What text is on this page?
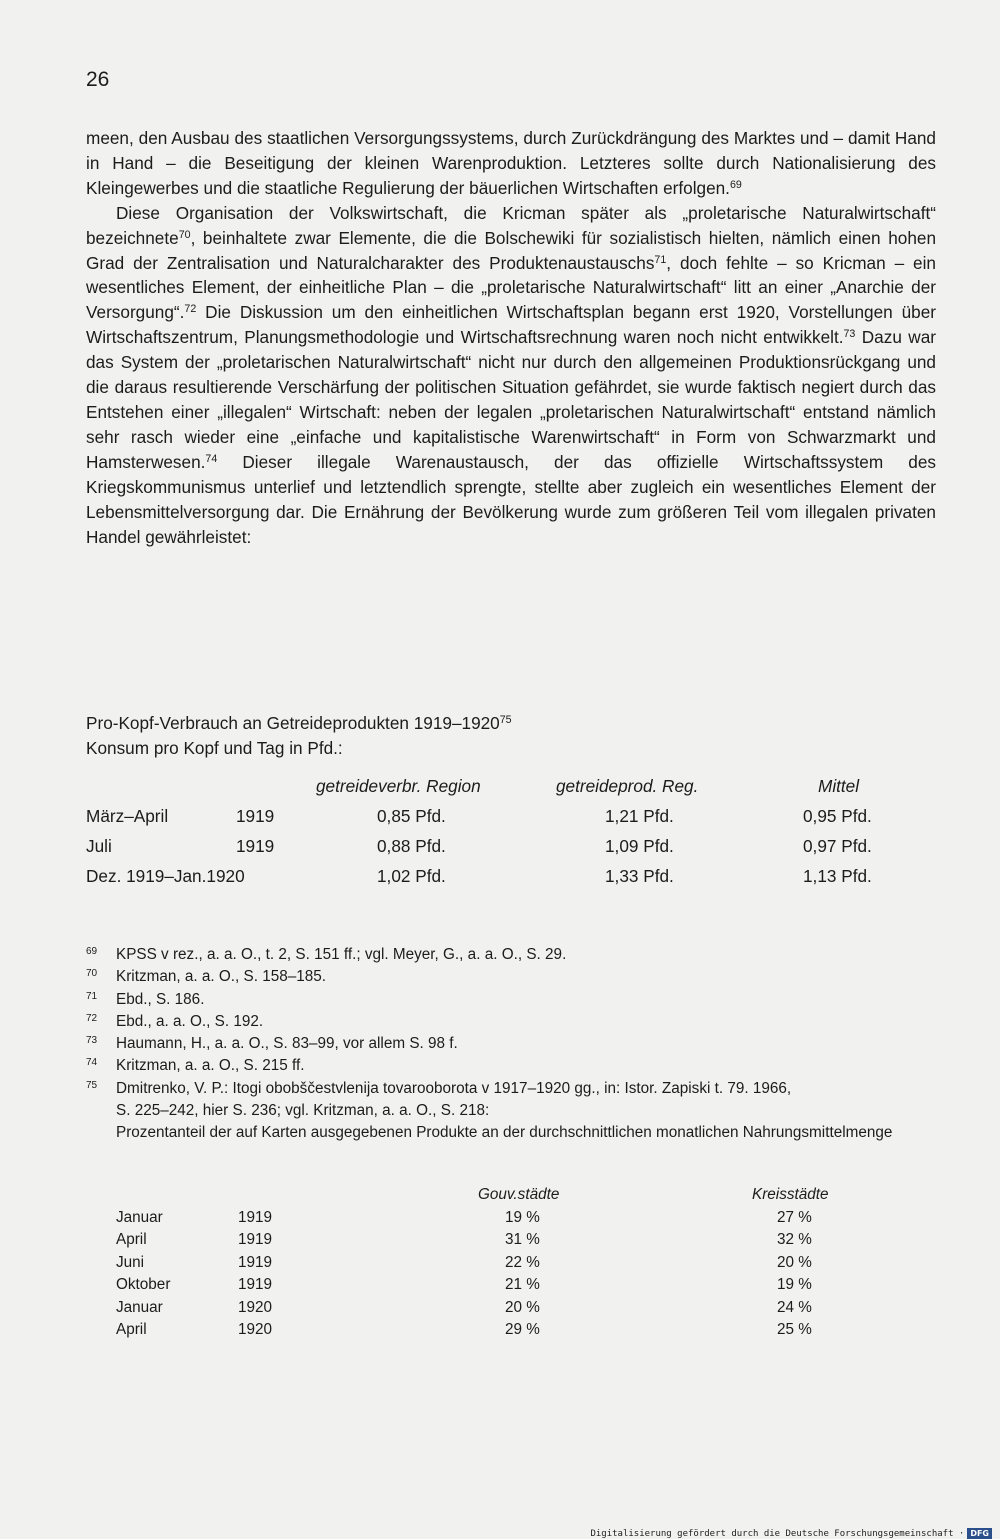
26

meen, den Ausbau des staatlichen Versorgungssystems, durch Zurückdrängung des Marktes und – damit Hand in Hand – die Beseitigung der kleinen Warenproduktion. Letzteres sollte durch Nationalisierung des Kleingewerbes und die staatliche Regulierung der bäuerlichen Wirtschaften erfolgen.$^{69}$

Diese Organisation der Volkswirtschaft, die Kricman später als „proletarische Naturalwirtschaft“ bezeichnete$^{70}$, beinhaltete zwar Elemente, die die Bolschewiki für sozialistisch hielten, nämlich einen hohen Grad der Zentralisation und Naturalcharakter des Produktenaustauschs$^{71}$, doch fehlte – so Kricman – ein wesentliches Element, der einheitliche Plan – die „proletarische Naturalwirtschaft“ litt an einer „Anarchie der Versorgung“.$^{72}$ Die Diskussion um den einheitlichen Wirtschaftsplan begann erst 1920, Vorstellungen über Wirtschaftszentrum, Planungsmethodologie und Wirtschaftsrechnung waren noch nicht entwikkelt.$^{73}$ Dazu war das System der „proletarischen Naturalwirtschaft“ nicht nur durch den allgemeinen Produktionsrückgang und die daraus resultierende Verschärfung der politischen Situation gefährdet, sie wurde faktisch negiert durch das Entstehen einer „illegalen“ Wirtschaft: neben der legalen „proletarischen Naturalwirtschaft“ entstand nämlich sehr rasch wieder eine „einfache und kapitalistische Warenwirtschaft“ in Form von Schwarzmarkt und Hamsterwesen.$^{74}$ Dieser illegale Warenaustausch, der das offizielle Wirtschaftssystem des Kriegskommunismus unterlief und letztendlich sprengte, stellte aber zugleich ein wesentliches Element der Lebensmittelversorgung dar. Die Ernährung der Bevölkerung wurde zum größeren Teil vom illegalen privaten Handel gewährleistet:

Pro-Kopf-Verbrauch an Getreideprodukten 1919–1920$^{75}$
Konsum pro Kopf und Tag in Pfd.:
getreideverbr. Region	getreideprod. Reg.	Mittel
März–April	1919	0,85 Pfd.	1,21 Pfd.	0,95 Pfd.
Juli	1919	0,88 Pfd.	1,09 Pfd.	0,97 Pfd.
Dez. 1919–Jan.1920	1,02 Pfd.	1,33 Pfd.	1,13 Pfd.
69 KPSS v rez., a. a. O., t. 2, S. 151 ff.; vgl. Meyer, G., a. a. O., S. 29.
70 Kritzman, a. a. O., S. 158–185.
71 Ebd., S. 186.
72 Ebd., a. a. O., S. 192.
73 Haumann, H., a. a. O., S. 83–99, vor allem S. 98 f.
74 Kritzman, a. a. O., S. 215 ff.
75 Dmitrenko, V. P.: Itogi obobščestvlenija tovarooborota v 1917–1920 gg., in: Istor. Zapiski t. 79. 1966,
S. 225–242, hier S. 236; vgl. Kritzman, a. a. O., S. 218:
Prozentanteil der auf Karten ausgegebenen Produkte an der durchschnittlichen monatlichen Nahrungsmittelmenge
Gouv.städte	Kreisstädte
Januar	1919	19 %	27 %
April	1919	31 %	32 %
Juni	1919	22 %	20 %
Oktober	1919	21 %	19 %
Januar	1920	20 %	24 %
April	1920	29 %	25 %
Digitalisierung gefördert durch die Deutsche Forschungsgemeinschaft · DFG
